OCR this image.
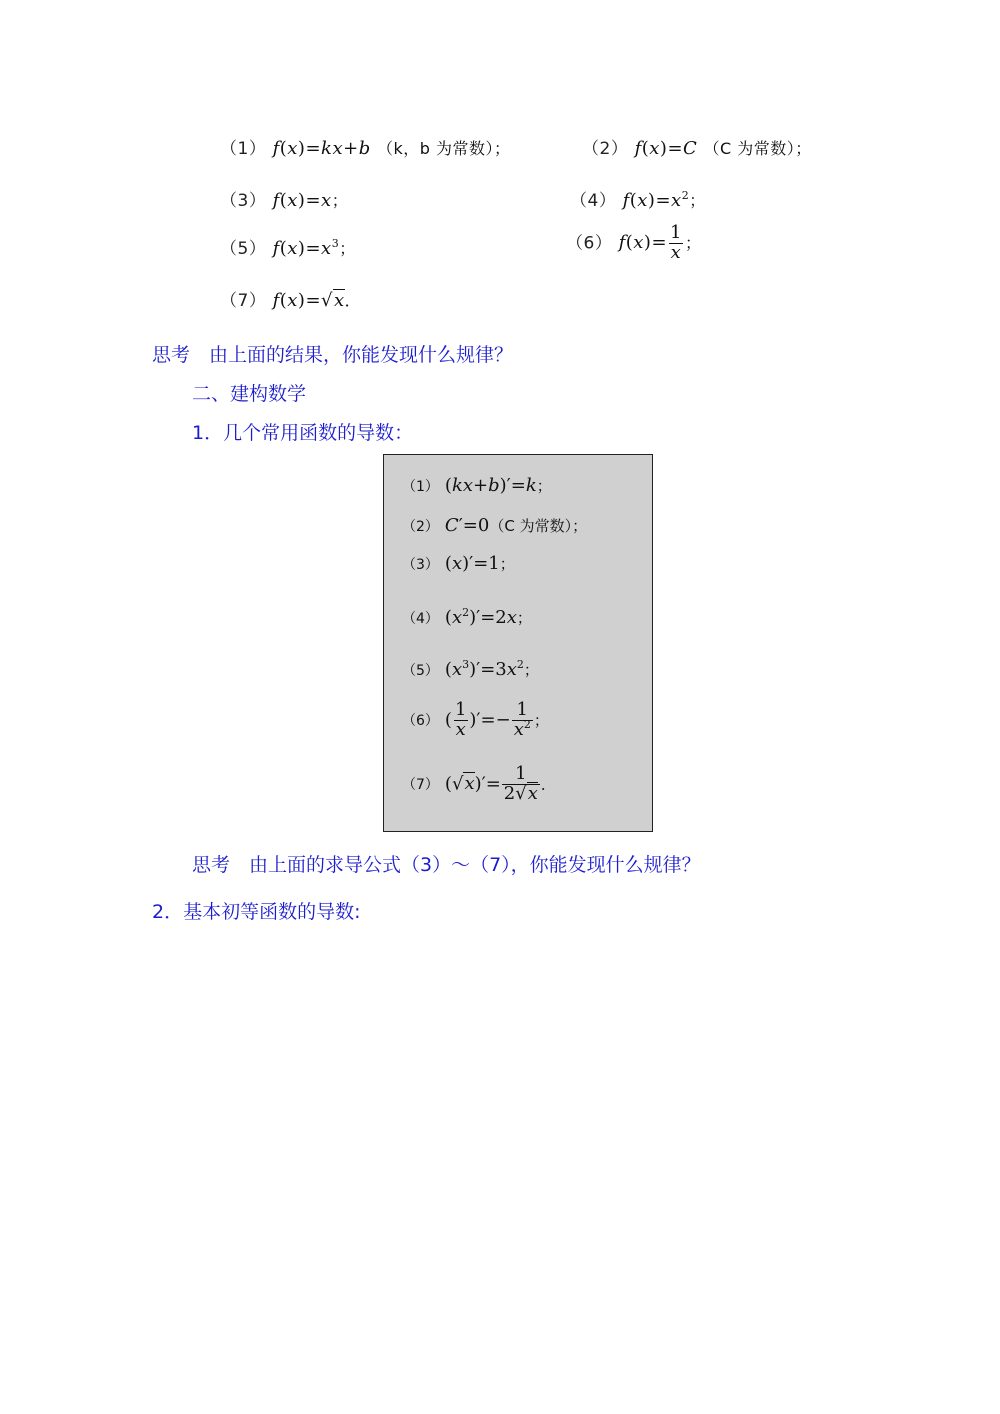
（1） f(x)=kx+b （k，b 为常数）；	（2） f(x)=C （C 为常数）；
（3） f(x)=x；	（4） $f(x)=x^2$；
（5） $f(x)=x^3$；	（6） $f(x)= \frac{1}{x}$ ；
（7） f(x)=√x．
思考　由上面的结果，你能发现什么规律？
二、建构数学
1．几个常用函数的导数：
（1） (kx+b)′=k；
（2） C′=0（C 为常数）；
（3） (x)′=1；
（4） $(x^2)'=2x$；
（5） $(x^3)'=3x^2$；
（6） ( $\frac{1}{x}$ )′=− $\frac{1}{x^2}$ ；
（7） $(√x)'= \frac{1}{2√x}$ ．
思考　由上面的求导公式（3）～（7），你能发现什么规律？
2．基本初等函数的导数:
